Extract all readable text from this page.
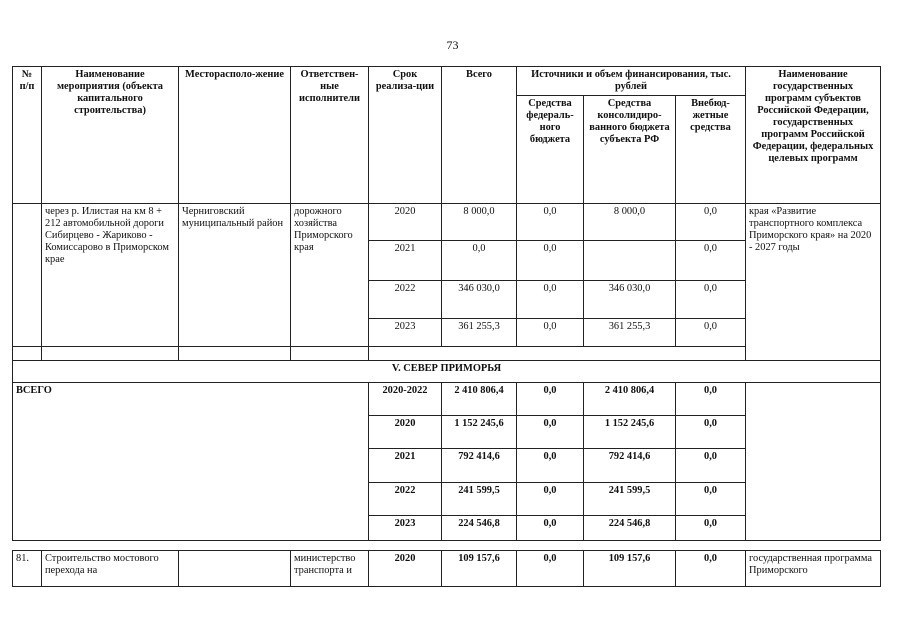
73
№
п/п	Наименование мероприятия (объекта капитального строительства)	Месторасполо-жение	Ответствен-ные исполнители	Срок реализа-ции	Всего	Источники и объем финансирования, тыс. рублей			Наименование государственных программ субъектов Российской Федерации, государственных программ Российской Федерации, федеральных целевых программ
						Средства федераль-ного бюджета	Средства консолидиро-ванного бюджета субъекта РФ	Внебюд-жетные средства	
	через р. Илистая на км 8 + 212 автомобильной дороги Сибирцево - Жариково - Комиссарово в Приморском крае	Черниговский муниципальный район	дорожного хозяйства Приморского края	2020	8 000,0	0,0	8 000,0	0,0	края «Развитие транспортного комплекса Приморского края» на 2020 - 2027 годы
				2021	0,0	0,0		0,0	
				2022	346 030,0	0,0	346 030,0	0,0	
				2023	361 255,3	0,0	361 255,3	0,0	

V. СЕВЕР ПРИМОРЬЯ									
ВСЕГО				2020-2022	2 410 806,4	0,0	2 410 806,4	0,0	
				2020	1 152 245,6	0,0	1 152 245,6	0,0	
				2021	792 414,6	0,0	792 414,6	0,0	
				2022	241 599,5	0,0	241 599,5	0,0	
				2023	224 546,8	0,0	224 546,8	0,0	

81.	Строительство мостового перехода на		министерство транспорта и	2020	109 157,6	0,0	109 157,6	0,0	государственная программа Приморского
